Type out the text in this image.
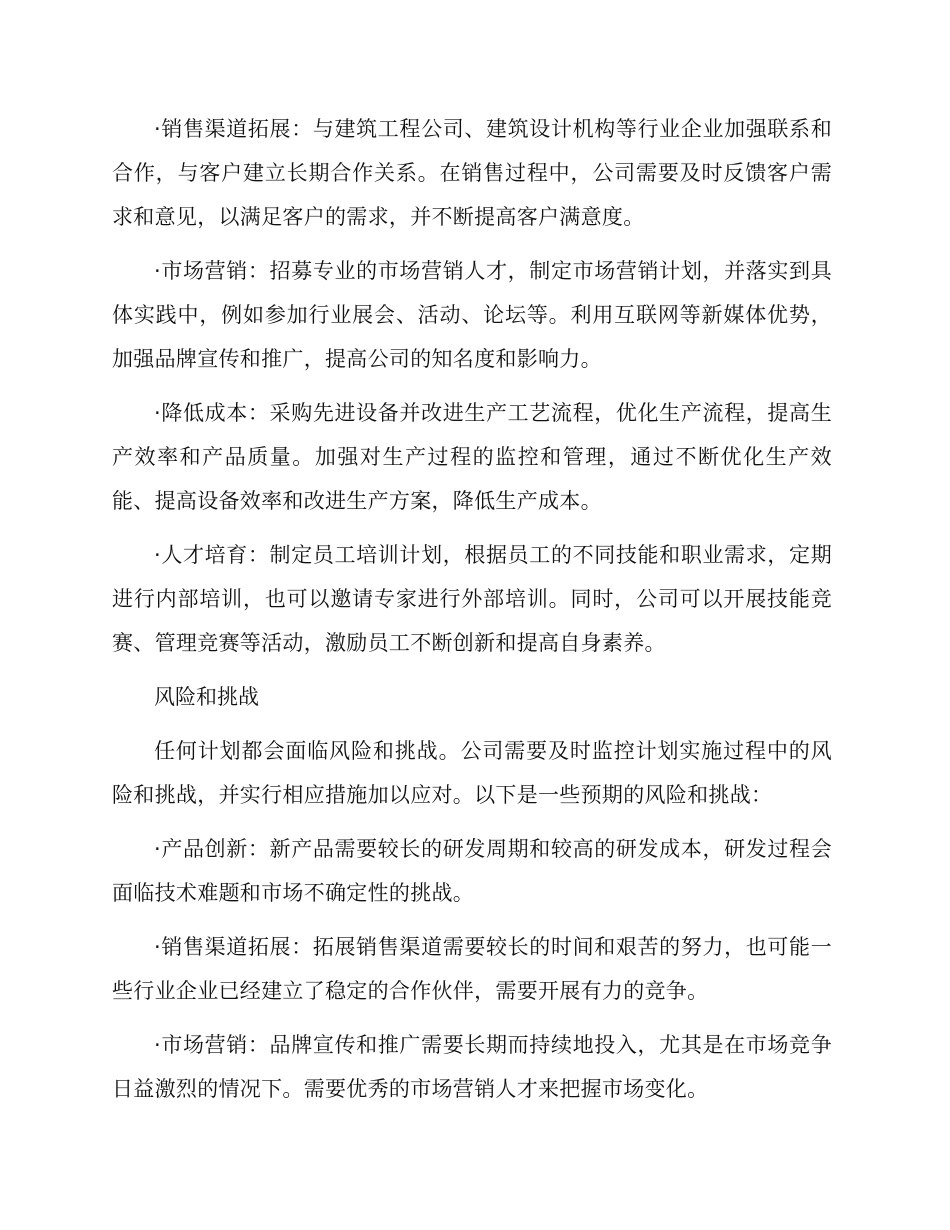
·销售渠道拓展：与建筑工程公司、建筑设计机构等行业企业加强联系和合作，与客户建立长期合作关系。在销售过程中，公司需要及时反馈客户需求和意见，以满足客户的需求，并不断提高客户满意度。

·市场营销：招募专业的市场营销人才，制定市场营销计划，并落实到具体实践中，例如参加行业展会、活动、论坛等。利用互联网等新媒体优势，加强品牌宣传和推广，提高公司的知名度和影响力。

·降低成本：采购先进设备并改进生产工艺流程，优化生产流程，提高生产效率和产品质量。加强对生产过程的监控和管理，通过不断优化生产效能、提高设备效率和改进生产方案，降低生产成本。

·人才培育：制定员工培训计划，根据员工的不同技能和职业需求，定期进行内部培训，也可以邀请专家进行外部培训。同时，公司可以开展技能竞赛、管理竞赛等活动，激励员工不断创新和提高自身素养。

风险和挑战

任何计划都会面临风险和挑战。公司需要及时监控计划实施过程中的风险和挑战，并实行相应措施加以应对。以下是一些预期的风险和挑战：

·产品创新：新产品需要较长的研发周期和较高的研发成本，研发过程会面临技术难题和市场不确定性的挑战。

·销售渠道拓展：拓展销售渠道需要较长的时间和艰苦的努力，也可能一些行业企业已经建立了稳定的合作伙伴，需要开展有力的竞争。

·市场营销：品牌宣传和推广需要长期而持续地投入，尤其是在市场竞争日益激烈的情况下。需要优秀的市场营销人才来把握市场变化。
